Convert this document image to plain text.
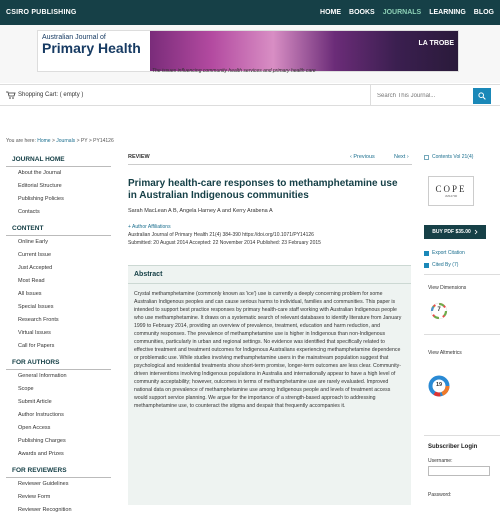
CSIRO PUBLISHING	HOME BOOKS JOURNALS LEARNING BLOG
Australian Journal of
Primary Health	LA TROBE
The issues influencing community health services and primary health care
Shopping Cart: ( empty )
Search This Journal...
You are here: Home > Journals > PY > PY14126
JOURNAL HOME
About the Journal
Editorial Structure
Publishing Policies
Contacts
CONTENT
Online Early
Current Issue
Just Accepted
Most Read
All Issues
Special Issues
Research Fronts
Virtual Issues
Call for Papers
FOR AUTHORS
General Information
Scope
Submit Article
Author Instructions
Open Access
Publishing Charges
Awards and Prizes
FOR REVIEWERS
Reviewer Guidelines
Review Form
Reviewer Recognition
REVIEW	‹ Previous	Next ›
Primary health-care responses to methamphetamine use in Australian Indigenous communities
Sarah MacLean A B, Angela Harney A and Kerry Arabena A
+ Author Affiliations
Australian Journal of Primary Health 21(4) 384-390 https://doi.org/10.1071/PY14126
Submitted: 20 August 2014 Accepted: 22 November 2014 Published: 23 February 2015
Abstract
Crystal methamphetamine (commonly known as 'ice') use is currently a deeply concerning problem for some Australian Indigenous peoples and can cause serious harms to individual, families and communities. This paper is intended to support best practice responses by primary health-care staff working with Australian Indigenous people who use methamphetamine. It draws on a systematic search of relevant databases to identify literature from January 1999 to February 2014, providing an overview of prevalence, treatment, education and harm reduction, and community responses. The prevalence of methamphetamine use is higher in Indigenous than non-Indigenous communities, particularly in urban and regional settings. No evidence was identified that specifically related to effective treatment and treatment outcomes for Indigenous Australians experiencing methamphetamine dependence or problematic use. While studies involving methamphetamine users in the mainstream population suggest that psychological and residential treatments show short-term promise, longer-term outcomes are less clear. Community-driven interventions involving Indigenous populations in Australia and internationally appear to have a high level of community acceptability; however, outcomes in terms of methamphetamine use are rarely evaluated. Improved national data on prevalence of methamphetamine use among Indigenous people and levels of treatment access would support service planning. We argue for the importance of a strength-based approach to addressing methamphetamine use, to counteract the stigma and despair that frequently accompanies it.
Contents Vol 21(4)
COPE
JM12700
BUY PDF $35.00
Export Citation
Cited By (7)
View Dimensions
7
View Altmetrics
19
Subscriber Login
Username:
Password:
